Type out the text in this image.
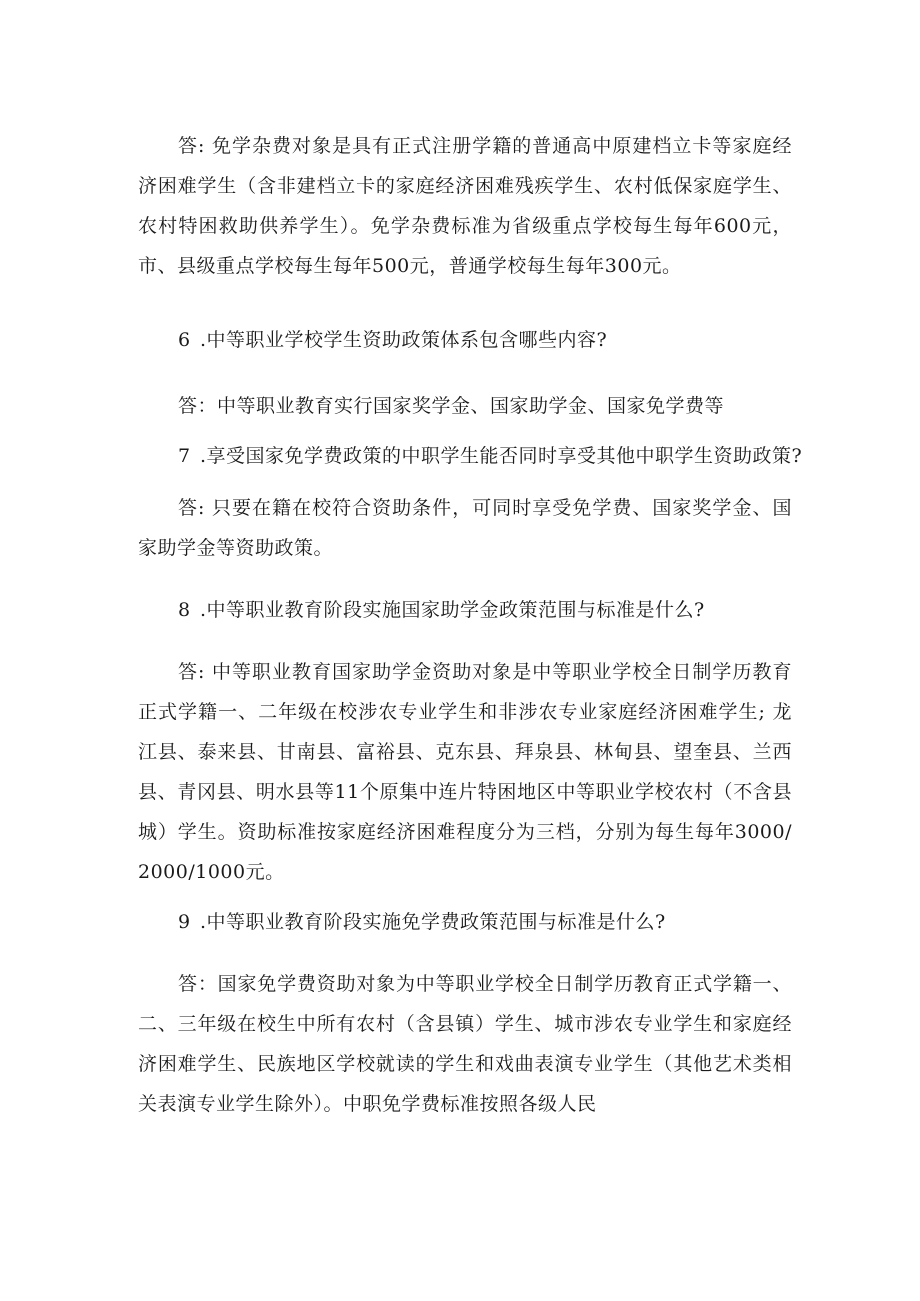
答: 免学杂费对象是具有正式注册学籍的普通高中原建档立卡等家庭经济困难学生（含非建档立卡的家庭经济困难残疾学生、农村低保家庭学生、农村特困救助供养学生）。免学杂费标准为省级重点学校每生每年600元，市、县级重点学校每生每年500元，普通学校每生每年300元。

6 .中等职业学校学生资助政策体系包含哪些内容?

答：中等职业教育实行国家奖学金、国家助学金、国家免学费等

7 .享受国家免学费政策的中职学生能否同时享受其他中职学生资助政策?

答: 只要在籍在校符合资助条件，可同时享受免学费、国家奖学金、国家助学金等资助政策。

8 .中等职业教育阶段实施国家助学金政策范围与标准是什么?

答: 中等职业教育国家助学金资助对象是中等职业学校全日制学历教育正式学籍一、二年级在校涉农专业学生和非涉农专业家庭经济困难学生; 龙江县、泰来县、甘南县、富裕县、克东县、拜泉县、林甸县、望奎县、兰西县、青冈县、明水县等11个原集中连片特困地区中等职业学校农村（不含县城）学生。资助标准按家庭经济困难程度分为三档，分别为每生每年3000/2000/1000元。

9 .中等职业教育阶段实施免学费政策范围与标准是什么?

答：国家免学费资助对象为中等职业学校全日制学历教育正式学籍一、二、三年级在校生中所有农村（含县镇）学生、城市涉农专业学生和家庭经济困难学生、民族地区学校就读的学生和戏曲表演专业学生（其他艺术类相关表演专业学生除外）。中职免学费标准按照各级人民
